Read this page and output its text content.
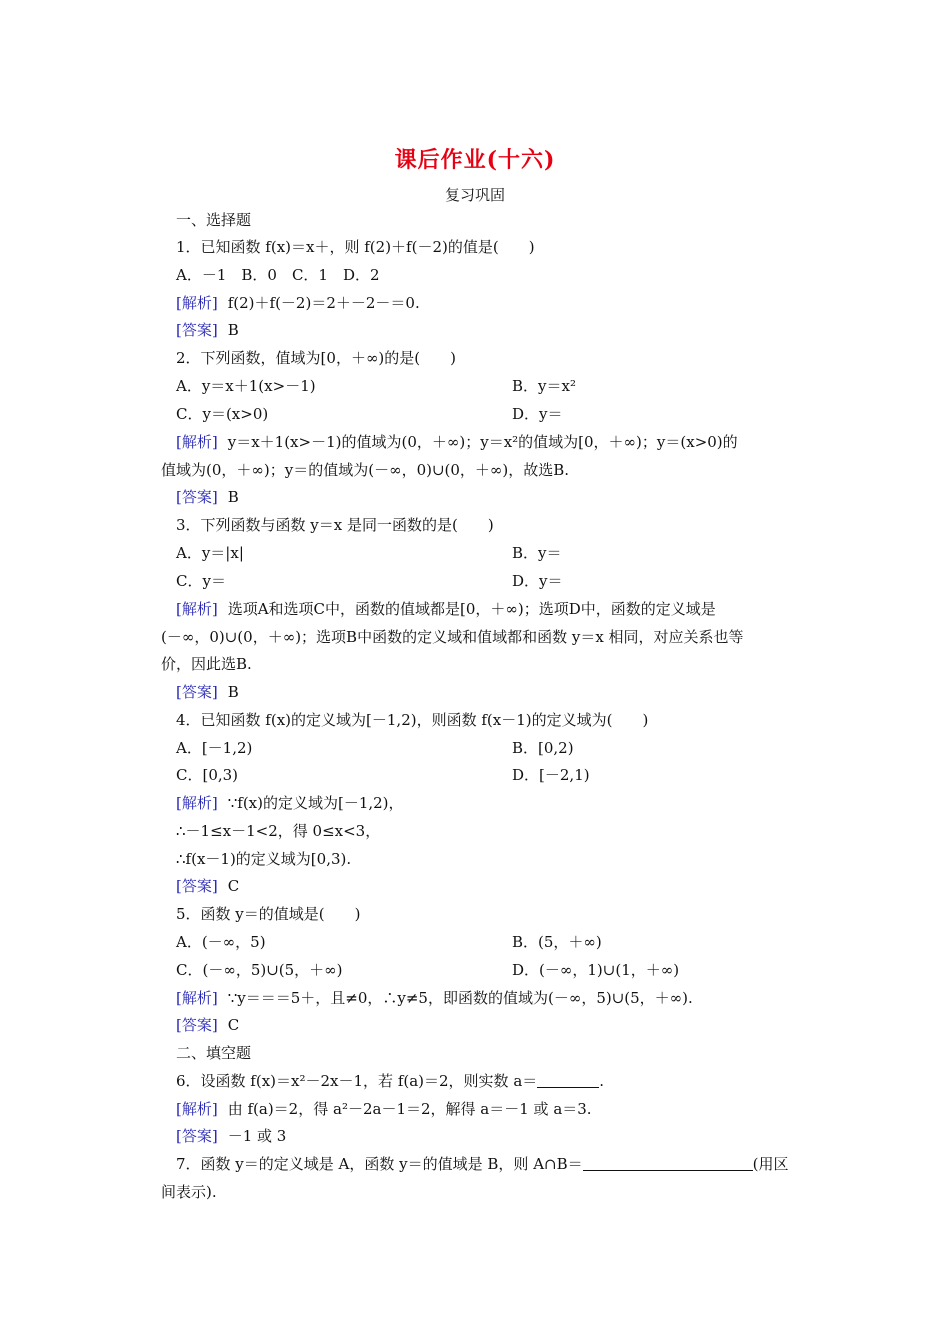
课后作业(十六)
复习巩固
一、选择题
1．已知函数 f(x)＝x＋，则 f(2)＋f(－2)的值是(　　)
A．－1　B．0　C．1　D．2
[解析] f(2)＋f(－2)＝2＋－2－＝0.
[答案] B
2．下列函数，值域为[0，＋∞)的是(　　)
A．y＝x＋1(x>－1)	B．y＝x²
C．y＝(x>0)	D．y＝
[解析] y＝x＋1(x>－1)的值域为(0，＋∞)；y＝x²的值域为[0，＋∞)；y＝(x>0)的
值域为(0，＋∞)；y＝的值域为(－∞，0)∪(0，＋∞)，故选B.
[答案] B
3．下列函数与函数 y＝x 是同一函数的是(　　)
A．y＝|x|	B．y＝
C．y＝	D．y＝
[解析] 选项A和选项C中，函数的值域都是[0，＋∞)；选项D中，函数的定义域是
(－∞，0)∪(0，＋∞)；选项B中函数的定义域和值域都和函数 y＝x 相同，对应关系也等
价，因此选B.
[答案] B
4．已知函数 f(x)的定义域为[－1,2)，则函数 f(x－1)的定义域为(　　)
A．[－1,2)	B．[0,2)
C．[0,3)	D．[－2,1)
[解析] ∵f(x)的定义域为[－1,2)，
∴－1≤x－1<2，得 0≤x<3，
∴f(x－1)的定义域为[0,3).
[答案] C
5．函数 y＝的值域是(　　)
A．(－∞，5)	B．(5，＋∞)
C．(－∞，5)∪(5，＋∞)	D．(－∞，1)∪(1，＋∞)
[解析] ∵y＝＝＝5＋，且≠0，∴y≠5，即函数的值域为(－∞，5)∪(5，＋∞).
[答案] C
二、填空题
6．设函数 f(x)＝x²－2x－1，若 f(a)＝2，则实数 a＝	.
[解析] 由 f(a)＝2，得 a²－2a－1＝2，解得 a＝－1 或 a＝3.
[答案] －1 或 3
7．函数 y＝的定义域是 A，函数 y＝的值域是 B，则 A∩B＝	(用区
间表示).
